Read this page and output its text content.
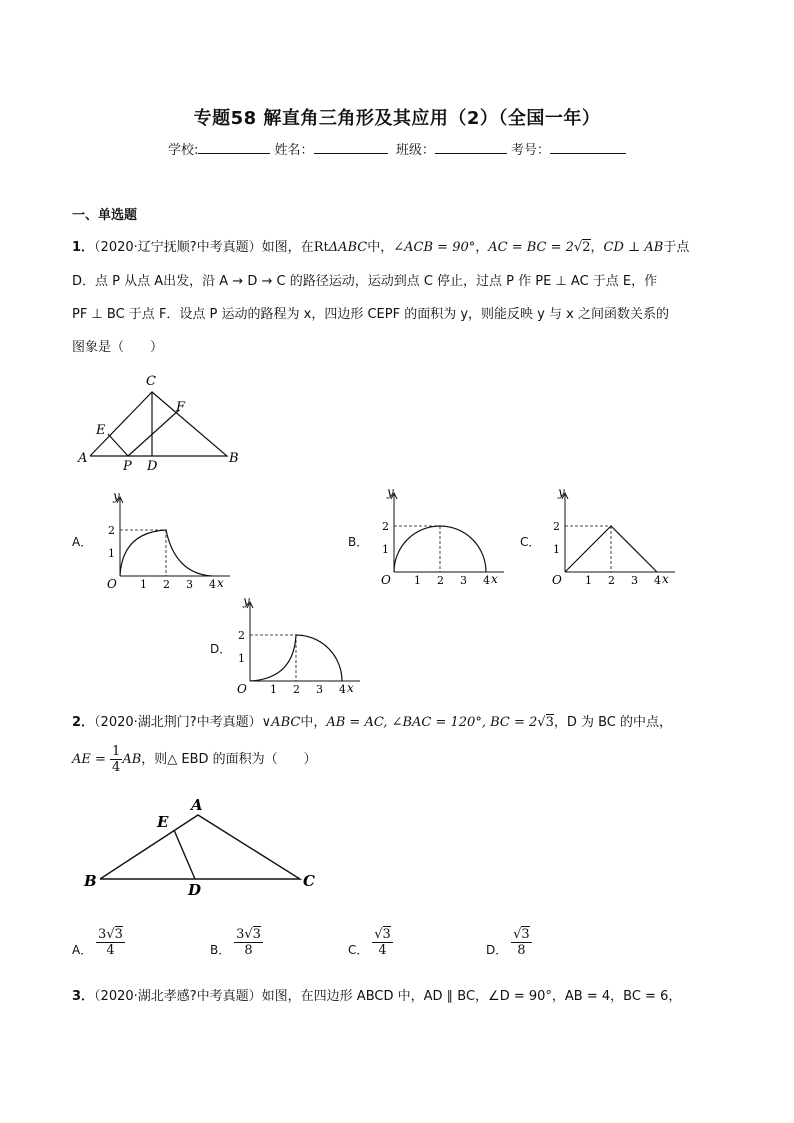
专题58 解直角三角形及其应用（2）（全国一年）
学校:	姓名：	班级：	考号：
一、单选题
1．（2020·辽宁抚顺?中考真题）如图，在RtΔABC中，∠ACB = 90°，AC = BC = 2√2，CD ⊥ AB于点
D．点 P 从点 A出发，沿 A → D → C 的路径运动，运动到点 C 停止，过点 P 作 PE ⊥ AC 于点 E，作
PF ⊥ BC 于点 F．设点 P 运动的路程为 x，四边形 CEPF 的面积为 y，则能反映 y 与 x 之间函数关系的
图象是（　　）
A	B
C
D
E
F
P
A．	B．	C．
D．
y
x
O 1 2 3 4
1
2
y
x
O 1 2 3 4
1
2
y
x
O 1 2 3 4
1
2
y
x
O 1 2 3 4
1
2
2．（2020·湖北荆门?中考真题）∨ABC中，AB = AC, ∠BAC = 120°, BC = 2√3，D 为 BC 的中点，
AE = $\frac{1}{4}$ AB，则△ EBD 的面积为（　　）
B
A
C
D
E
A． $\frac{3√3}{4}$	B． $\frac{3√3}{8}$	C． $\frac{√3}{4}$	D． $\frac{√3}{8}$
3．（2020·湖北孝感?中考真题）如图，在四边形 ABCD 中，AD ∥ BC，∠D = 90°，AB = 4，BC = 6，
